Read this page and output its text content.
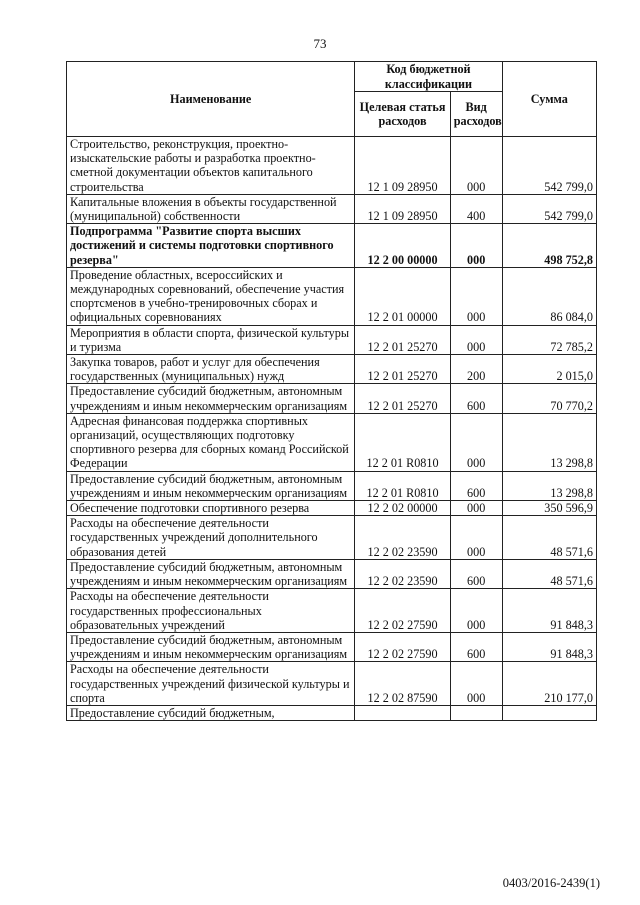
73
Наименование	Код бюджетной классификации		Сумма
	Целевая статья расходов	Вид расходов	
Строительство, реконструкция, проектно-изыскательские работы и разработка проектно-сметной документации объектов капитального строительства	12 1 09 28950	000	542 799,0
Капитальные вложения в объекты государственной (муниципальной) собственности	12 1 09 28950	400	542 799,0
Подпрограмма "Развитие спорта высших достижений и системы подготовки спортивного резерва"	12 2 00 00000	000	498 752,8
Проведение областных, всероссийских и международных соревнований, обеспечение участия спортсменов в учебно-тренировочных сборах и официальных соревнованиях	12 2 01 00000	000	86 084,0
Мероприятия в области спорта, физической культуры и туризма	12 2 01 25270	000	72 785,2
Закупка товаров, работ и услуг для обеспечения государственных (муниципальных) нужд	12 2 01 25270	200	2 015,0
Предоставление субсидий бюджетным, автономным учреждениям и иным некоммерческим организациям	12 2 01 25270	600	70 770,2
Адресная финансовая поддержка спортивных организаций, осуществляющих подготовку спортивного резерва для сборных команд Российской Федерации	12 2 01 R0810	000	13 298,8
Предоставление субсидий бюджетным, автономным учреждениям и иным некоммерческим организациям	12 2 01 R0810	600	13 298,8
Обеспечение подготовки спортивного резерва	12 2 02 00000	000	350 596,9
Расходы на обеспечение деятельности государственных учреждений дополнительного образования детей	12 2 02 23590	000	48 571,6
Предоставление субсидий бюджетным, автономным учреждениям и иным некоммерческим организациям	12 2 02 23590	600	48 571,6
Расходы на обеспечение деятельности государственных профессиональных образовательных учреждений	12 2 02 27590	000	91 848,3
Предоставление субсидий бюджетным, автономным учреждениям и иным некоммерческим организациям	12 2 02 27590	600	91 848,3
Расходы на обеспечение деятельности государственных учреждений физической культуры и спорта	12 2 02 87590	000	210 177,0
Предоставление субсидий бюджетным,			
0403/2016-2439(1)
